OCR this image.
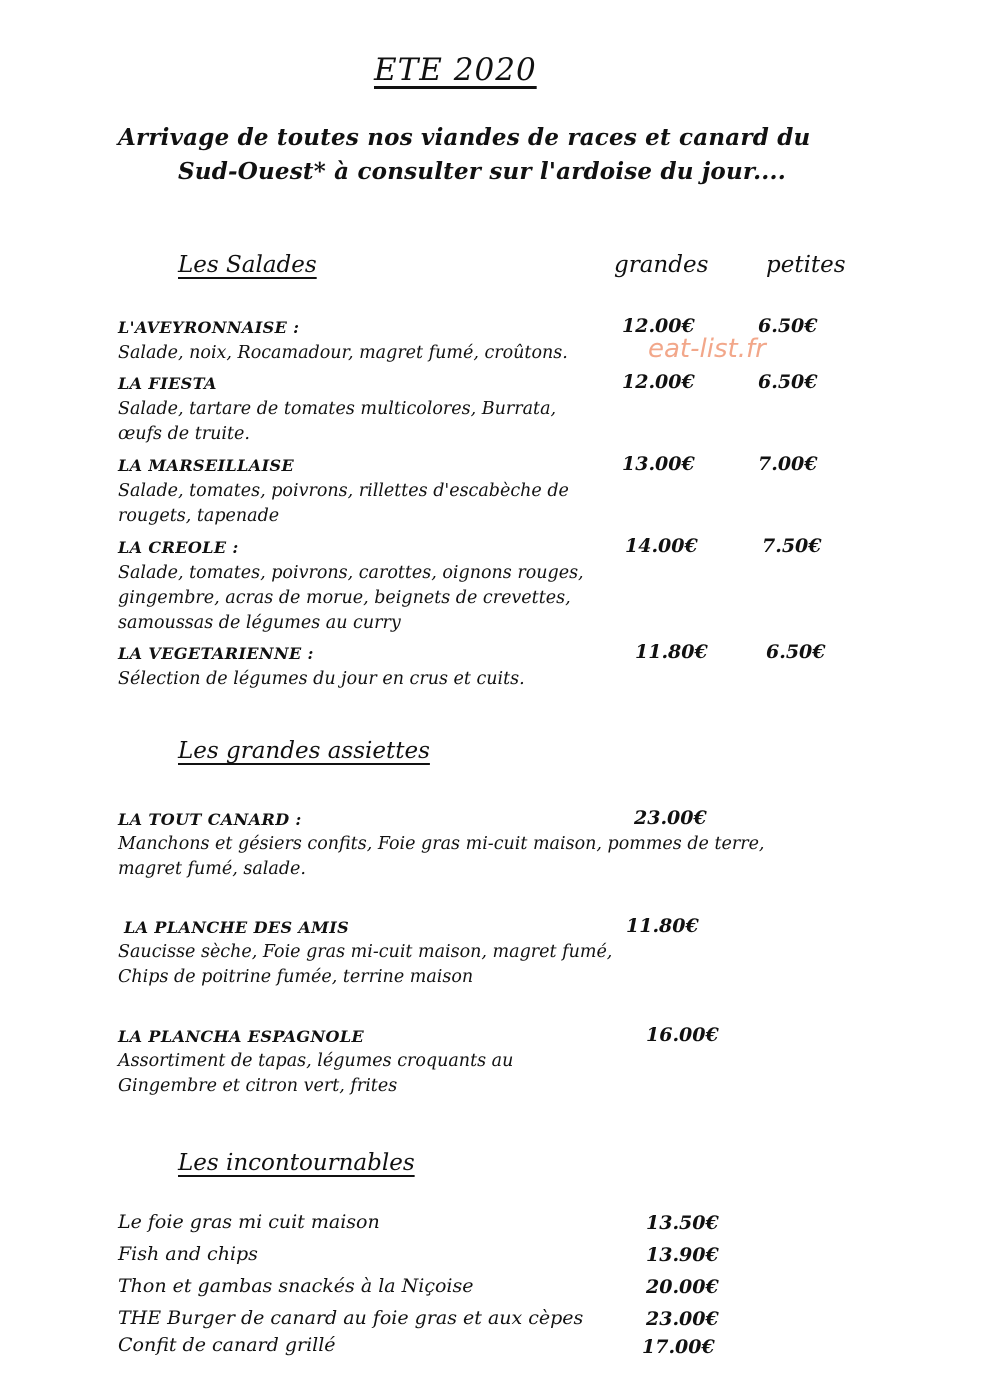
ETE 2020
Arrivage de toutes nos viandes de races et canard du
Sud-Ouest* à consulter sur l'ardoise du jour....
Les Salades	grandes	petites
eat-list.fr
L'AVEYRONNAISE :	12.00€	6.50€
Salade, noix, Rocamadour, magret fumé, croûtons.
LA FIESTA	12.00€	6.50€
Salade, tartare de tomates multicolores, Burrata,
œufs de truite.
LA MARSEILLAISE	13.00€	7.00€
Salade, tomates, poivrons, rillettes d'escabèche de
rougets, tapenade
LA CREOLE :	14.00€	7.50€
Salade, tomates, poivrons, carottes, oignons rouges,
gingembre, acras de morue, beignets de crevettes,
samoussas de légumes au curry
LA VEGETARIENNE :	11.80€	6.50€
Sélection de légumes du jour en crus et cuits.
Les grandes assiettes
LA TOUT CANARD :	23.00€
Manchons et gésiers confits, Foie gras mi-cuit maison, pommes de terre,
magret fumé, salade.
LA PLANCHE DES AMIS	11.80€
Saucisse sèche, Foie gras mi-cuit maison, magret fumé,
Chips de poitrine fumée, terrine maison
LA PLANCHA ESPAGNOLE	16.00€
Assortiment de tapas, légumes croquants au
Gingembre et citron vert, frites
Les incontournables
Le foie gras mi cuit maison	13.50€
Fish and chips	13.90€
Thon et gambas snackés à la Niçoise	20.00€
THE Burger de canard au foie gras et aux cèpes	23.00€
Confit de canard grillé	17.00€
